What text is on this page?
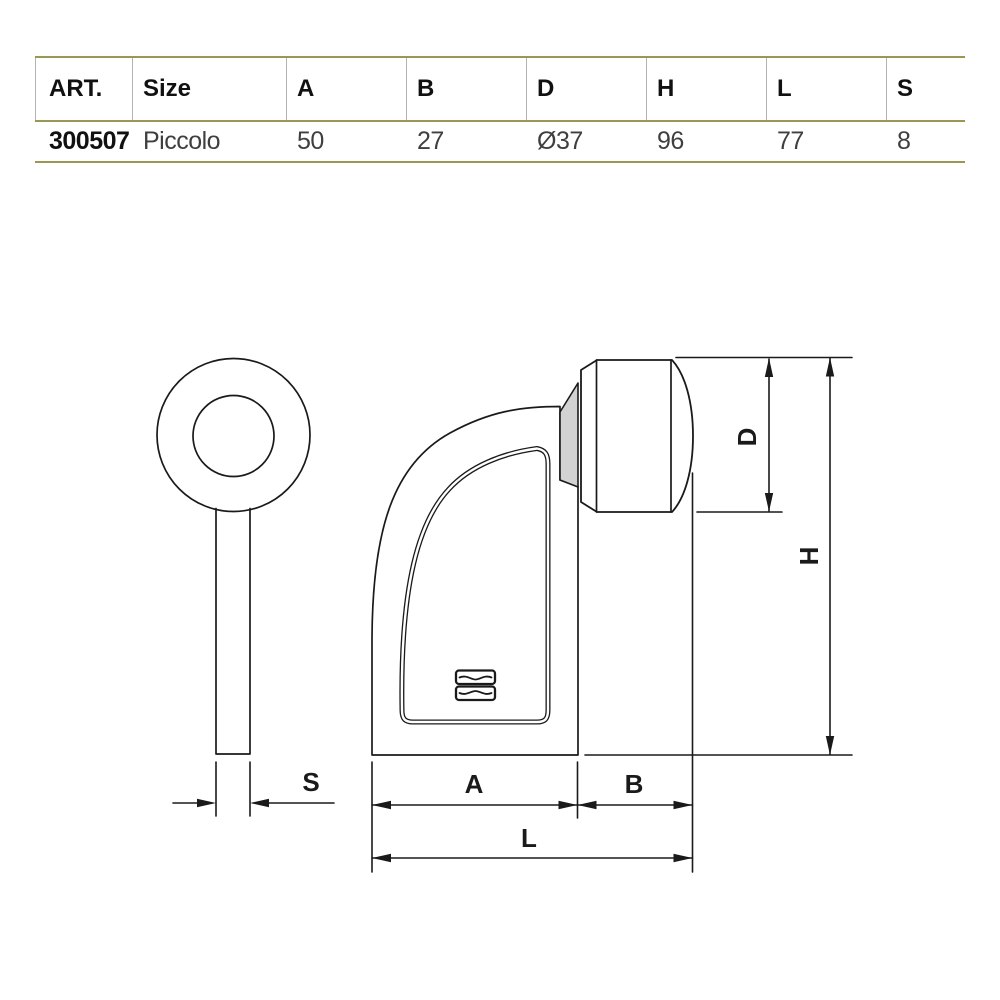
ART.	Size	A	B	D	H	L	S
300507 Piccolo	50	27	Ø37	96	77	8
S	A	B
L
D
H
